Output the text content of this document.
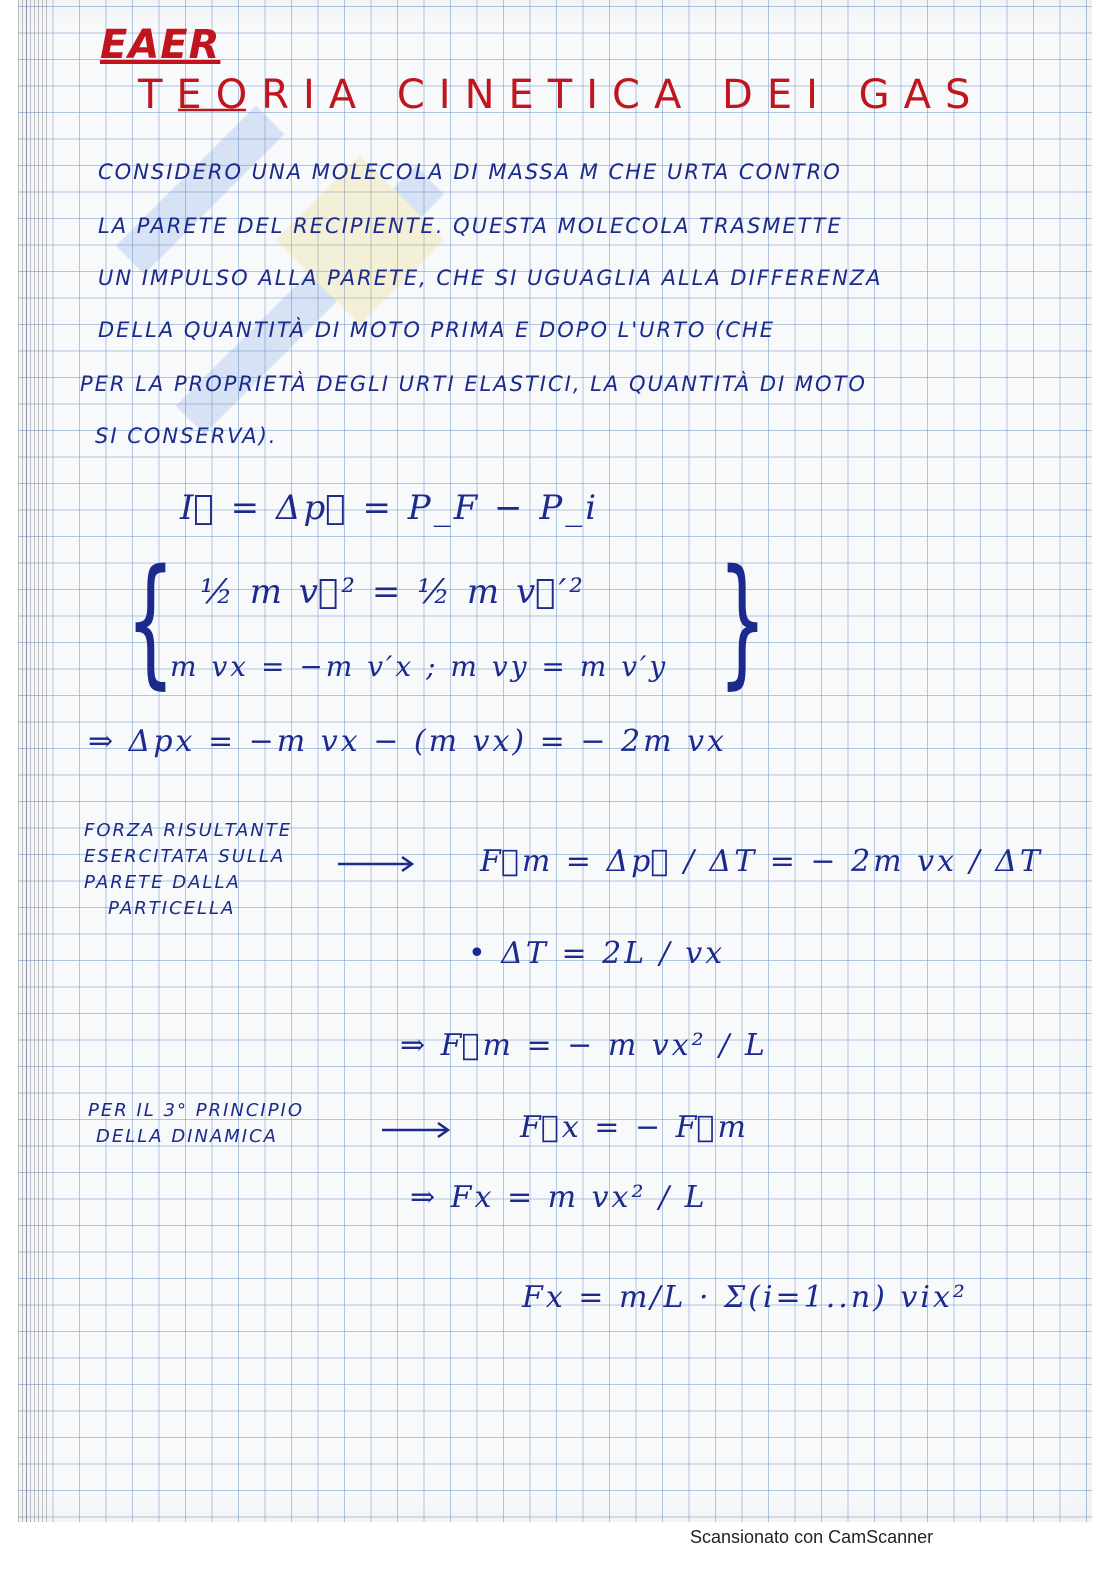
EAER
TEORIA CINETICA DEI GAS
CONSIDERO UNA MOLECOLA DI MASSA M CHE URTA CONTRO
LA PARETE DEL RECIPIENTE. QUESTA MOLECOLA TRASMETTE
UN IMPULSO ALLA PARETE, CHE SI UGUAGLIA ALLA DIFFERENZA
DELLA QUANTITÀ DI MOTO PRIMA E DOPO L'URTO (CHE
PER LA PROPRIETÀ DEGLI URTI ELASTICI, LA QUANTITÀ DI MOTO
SI CONSERVA).
I⃗ = Δp⃗ = P_F − P_i
{ ½ m v⃗² = ½ m v⃗′²
m vx = −m v′x ; m vy = m v′y }
⇒ Δpx = −m vx − (m vx) = − 2m vx
FORZA RISULTANTE
ESERCITATA SULLA
PARETE DALLA
PARTICELLA
F⃗m = Δp⃗ / ΔT = − 2m vx / ΔT
• ΔT = 2L / vx
⇒ F⃗m = − m vx² / L
PER IL 3° PRINCIPIO
DELLA DINAMICA	F⃗x = − F⃗m
⇒ Fx = m vx² / L
Fx = m/L · Σ(i=1..n) vix²
Scansionato con CamScanner
